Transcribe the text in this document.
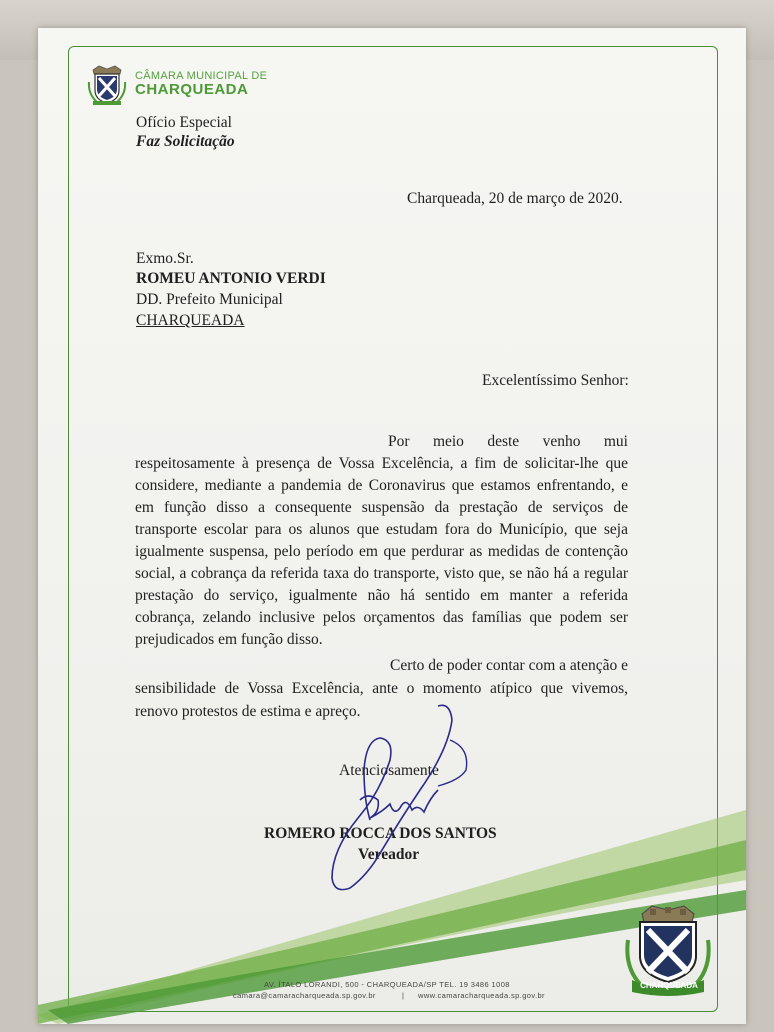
CÂMARA MUNICIPAL DE
CHARQUEADA
Ofício Especial
Faz Solicitação
Charqueada, 20 de março de 2020.
Exmo.Sr.
ROMEU ANTONIO VERDI
DD. Prefeito Municipal
CHARQUEADA
Excelentíssimo Senhor:
Por meio deste venho mui
respeitosamente à presença de Vossa Excelência, a fim de solicitar-lhe que
considere, mediante a pandemia de Coronavirus que estamos enfrentando, e
em função disso a consequente suspensão da prestação de serviços de
transporte escolar para os alunos que estudam fora do Município, que seja
igualmente suspensa, pelo período em que perdurar as medidas de contenção
social, a cobrança da referida taxa do transporte, visto que, se não há a regular
prestação do serviço, igualmente não há sentido em manter a referida
cobrança, zelando inclusive pelos orçamentos das famílias que podem ser
prejudicados em função disso.
Certo de poder contar com a atenção e
sensibilidade de Vossa Excelência, ante o momento atípico que vivemos,
renovo protestos de estima e apreço.
Atenciosamente
ROMERO ROCCA DOS SANTOS
Vereador
AV. ÍTALO LORANDI, 500 - CHARQUEADA/SP TEL. 19 3486 1008
camara@camaracharqueada.sp.gov.br	| www.camaracharqueada.sp.gov.br
CHARQUEADA
